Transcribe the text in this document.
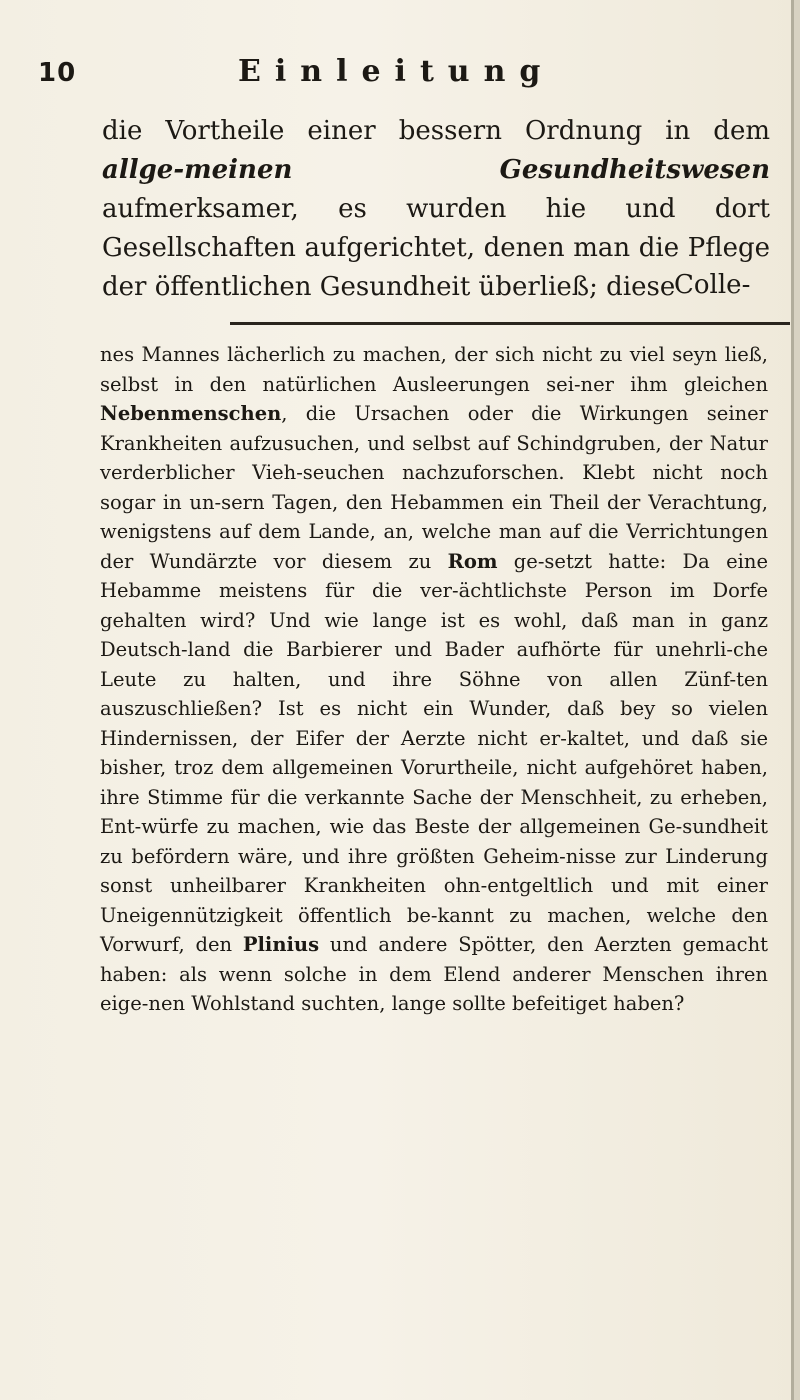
10	Einleitung

die Vortheile einer bessern Ordnung in dem allge-meinen Gesundheitswesen aufmerksamer, es wurden hie und dort Gesellschaften aufgerichtet, denen man die Pflege der öffentlichen Gesundheit überließ; diese

Colle-

nes Mannes lächerlich zu machen, der sich nicht zu viel seyn ließ, selbst in den natürlichen Ausleerungen sei-ner ihm gleichen Nebenmenschen, die Ursachen oder die Wirkungen seiner Krankheiten aufzusuchen, und selbst auf Schindgruben, der Natur verderblicher Vieh-seuchen nachzuforschen. Klebt nicht noch sogar in un-sern Tagen, den Hebammen ein Theil der Verachtung, wenigstens auf dem Lande, an, welche man auf die Verrichtungen der Wundärzte vor diesem zu Rom ge-setzt hatte: Da eine Hebamme meistens für die ver-ächtlichste Person im Dorfe gehalten wird? Und wie lange ist es wohl, daß man in ganz Deutsch-land die Barbierer und Bader aufhörte für unehrli-che Leute zu halten, und ihre Söhne von allen Zünf-ten auszuschließen? Ist es nicht ein Wunder, daß bey so vielen Hindernissen, der Eifer der Aerzte nicht er-kaltet, und daß sie bisher, troz dem allgemeinen Vorurtheile, nicht aufgehöret haben, ihre Stimme für die verkannte Sache der Menschheit, zu erheben, Ent-würfe zu machen, wie das Beste der allgemeinen Ge-sundheit zu befördern wäre, und ihre größten Geheim-nisse zur Linderung sonst unheilbarer Krankheiten ohn-entgeltlich und mit einer Uneigennützigkeit öffentlich be-kannt zu machen, welche den Vorwurf, den Plinius und andere Spötter, den Aerzten gemacht haben: als wenn solche in dem Elend anderer Menschen ihren eige-nen Wohlstand suchten, lange sollte befeitiget haben?
